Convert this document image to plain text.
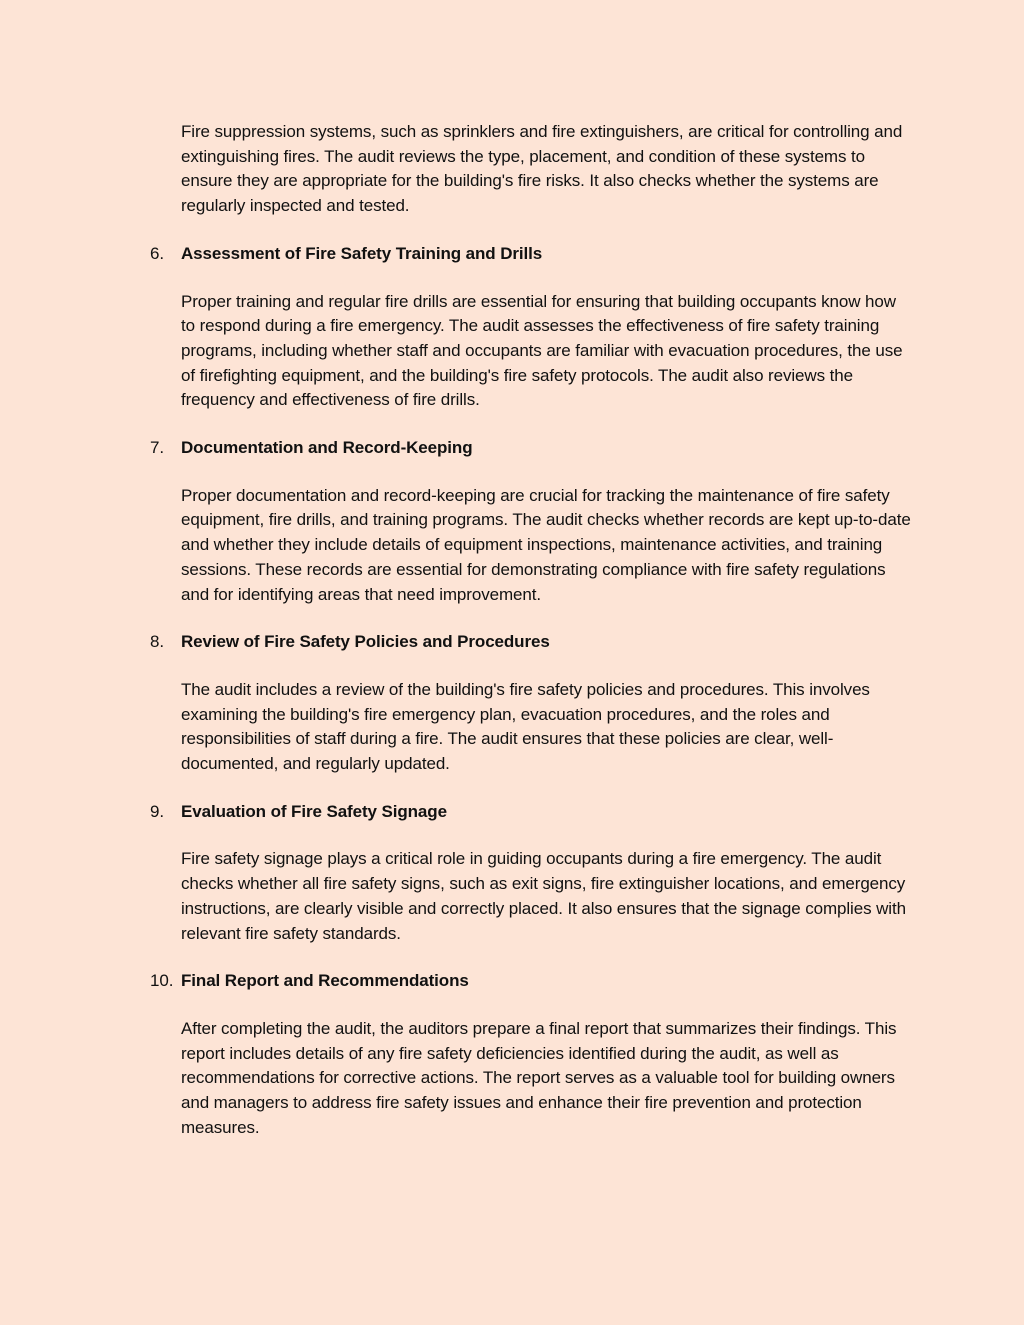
Fire suppression systems, such as sprinklers and fire extinguishers, are critical for controlling and extinguishing fires. The audit reviews the type, placement, and condition of these systems to ensure they are appropriate for the building's fire risks. It also checks whether the systems are regularly inspected and tested.

6. Assessment of Fire Safety Training and Drills

Proper training and regular fire drills are essential for ensuring that building occupants know how to respond during a fire emergency. The audit assesses the effectiveness of fire safety training programs, including whether staff and occupants are familiar with evacuation procedures, the use of firefighting equipment, and the building's fire safety protocols. The audit also reviews the frequency and effectiveness of fire drills.

7. Documentation and Record-Keeping

Proper documentation and record-keeping are crucial for tracking the maintenance of fire safety equipment, fire drills, and training programs. The audit checks whether records are kept up-to-date and whether they include details of equipment inspections, maintenance activities, and training sessions. These records are essential for demonstrating compliance with fire safety regulations and for identifying areas that need improvement.

8. Review of Fire Safety Policies and Procedures

The audit includes a review of the building's fire safety policies and procedures. This involves examining the building's fire emergency plan, evacuation procedures, and the roles and responsibilities of staff during a fire. The audit ensures that these policies are clear, well-documented, and regularly updated.

9. Evaluation of Fire Safety Signage

Fire safety signage plays a critical role in guiding occupants during a fire emergency. The audit checks whether all fire safety signs, such as exit signs, fire extinguisher locations, and emergency instructions, are clearly visible and correctly placed. It also ensures that the signage complies with relevant fire safety standards.

10. Final Report and Recommendations

After completing the audit, the auditors prepare a final report that summarizes their findings. This report includes details of any fire safety deficiencies identified during the audit, as well as recommendations for corrective actions. The report serves as a valuable tool for building owners and managers to address fire safety issues and enhance their fire prevention and protection measures.
